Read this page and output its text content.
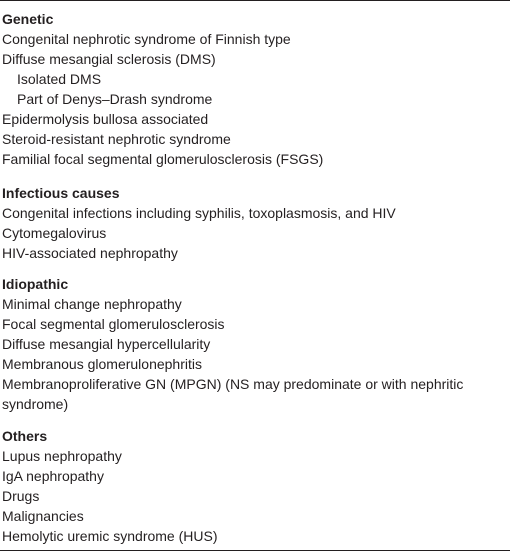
Genetic
Congenital nephrotic syndrome of Finnish type
Diffuse mesangial sclerosis (DMS)
Isolated DMS
Part of Denys–Drash syndrome
Epidermolysis bullosa associated
Steroid-resistant nephrotic syndrome
Familial focal segmental glomerulosclerosis (FSGS)
Infectious causes
Congenital infections including syphilis, toxoplasmosis, and HIV
Cytomegalovirus
HIV-associated nephropathy
Idiopathic
Minimal change nephropathy
Focal segmental glomerulosclerosis
Diffuse mesangial hypercellularity
Membranous glomerulonephritis
Membranoproliferative GN (MPGN) (NS may predominate or with nephritic syndrome)
Others
Lupus nephropathy
IgA nephropathy
Drugs
Malignancies
Hemolytic uremic syndrome (HUS)
